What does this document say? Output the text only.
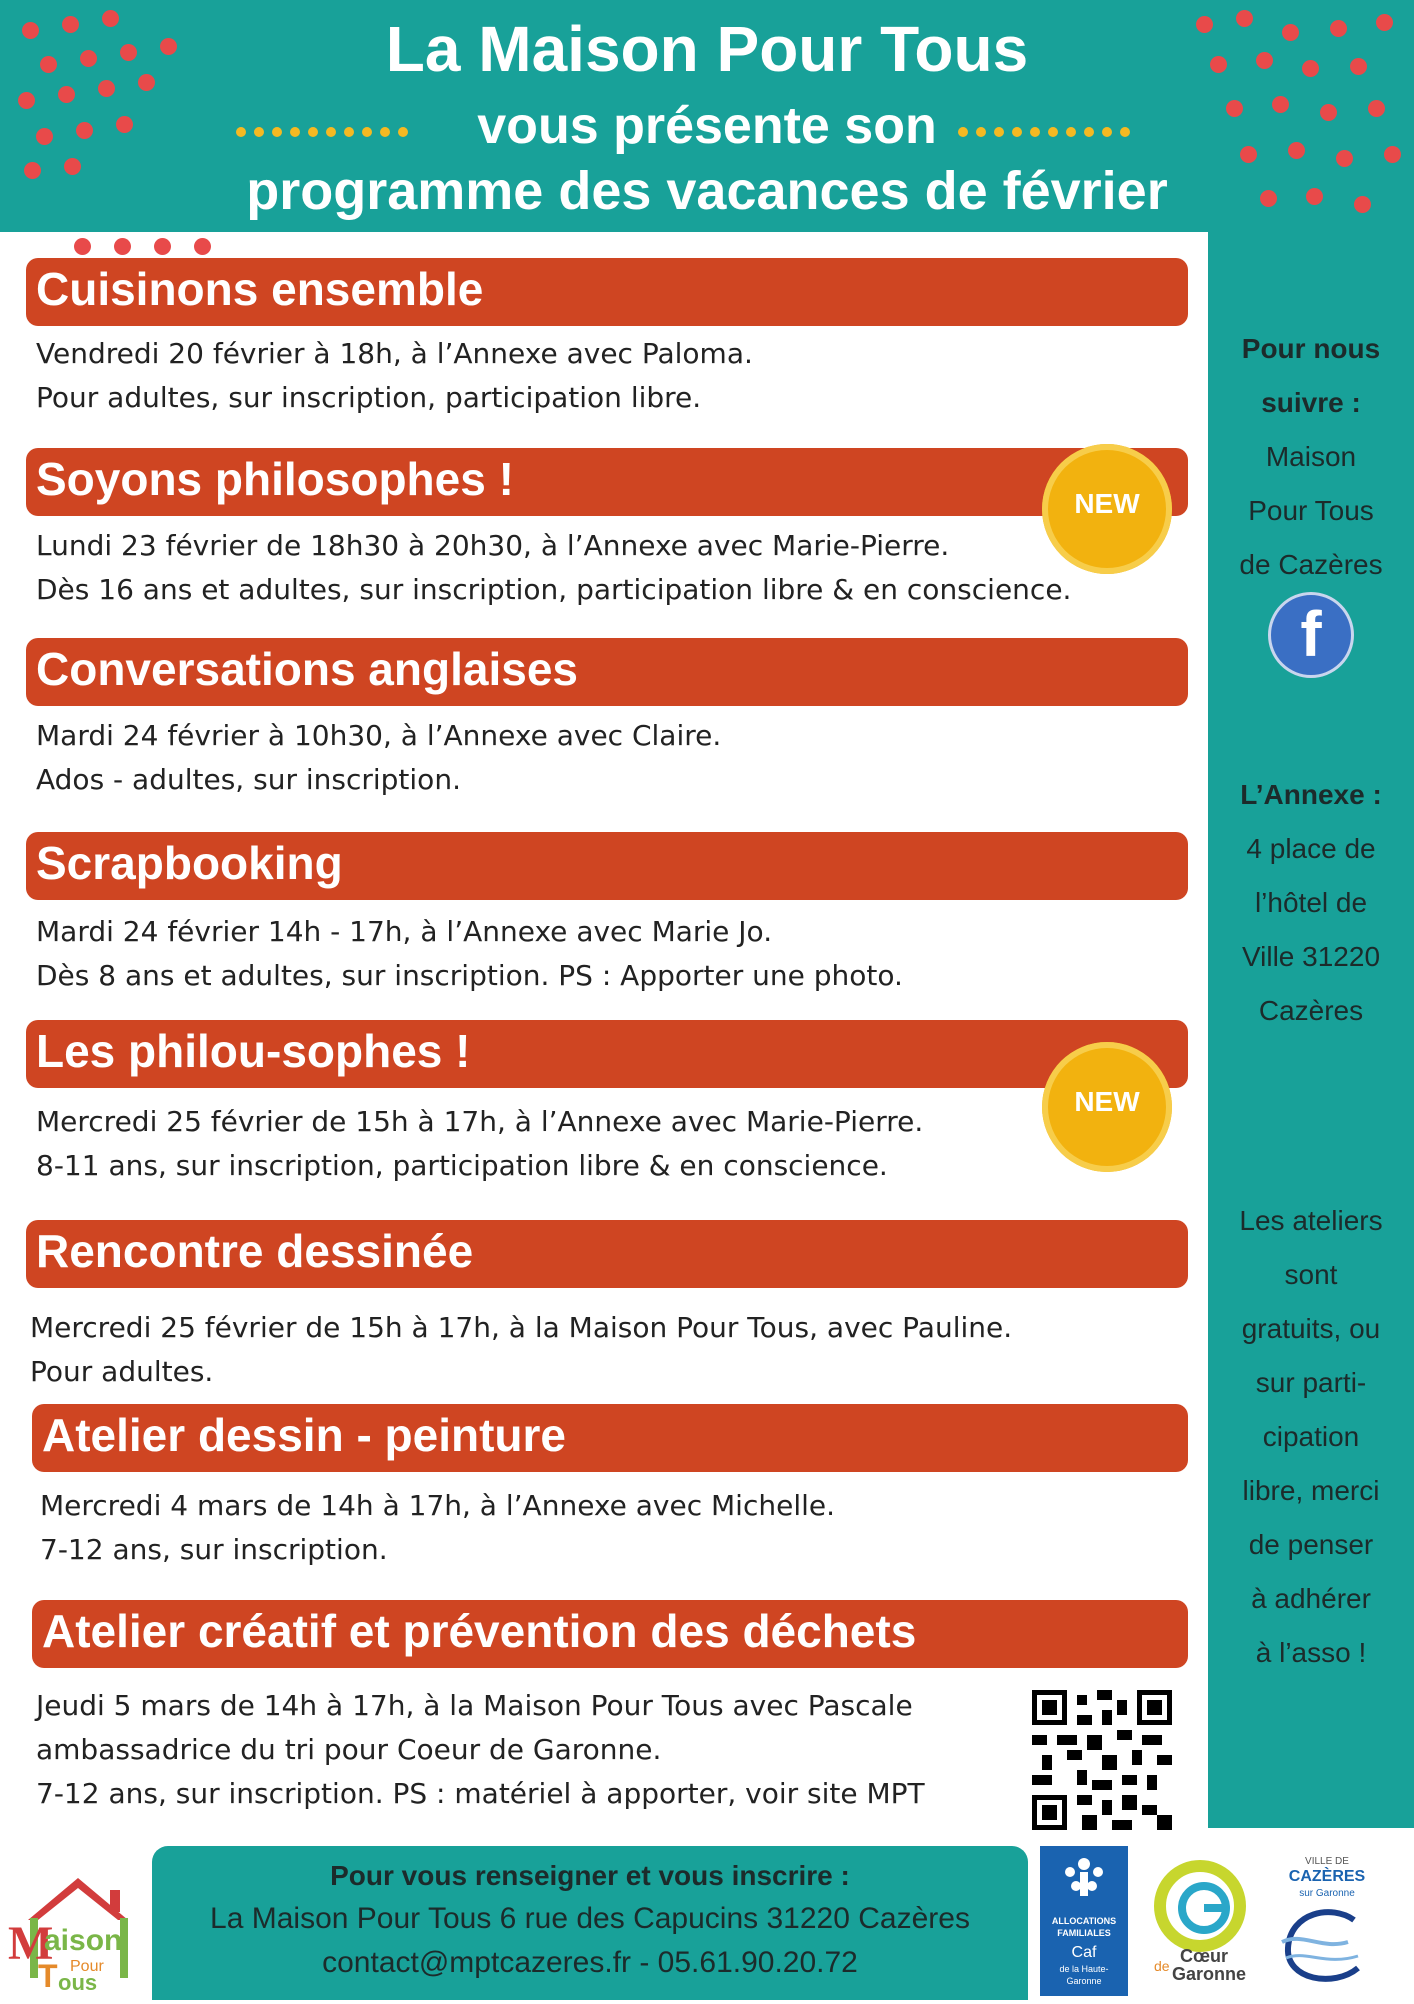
La Maison Pour Tous
vous présente son
programme des vacances de février
Pour nous
suivre :
Maison
Pour Tous
de Cazères
L’Annexe :
4 place de
l’hôtel de
Ville 31220
Cazères
Les ateliers
sont
gratuits, ou
sur parti-
cipation
libre, merci
de penser
à adhérer
à l’asso !
f
Cuisinons ensemble
Vendredi 20 février à 18h, à l’Annexe avec Paloma.
Pour adultes, sur inscription, participation libre.
Soyons philosophes !
Lundi 23 février de 18h30 à 20h30, à l’Annexe avec Marie-Pierre.
Dès 16 ans et adultes, sur inscription, participation libre & en conscience.
NEW
Conversations anglaises
Mardi 24 février à 10h30, à l’Annexe avec Claire.
Ados - adultes, sur inscription.
Scrapbooking
Mardi 24 février 14h - 17h, à l’Annexe avec Marie Jo.
Dès 8 ans et adultes, sur inscription. PS : Apporter une photo.
Les philou-sophes !
Mercredi 25 février de 15h à 17h, à l’Annexe avec Marie-Pierre.
8-11 ans, sur inscription, participation libre & en conscience.
NEW
Rencontre dessinée
Mercredi 25 février de 15h à 17h, à la Maison Pour Tous, avec Pauline.
Pour adultes.
Atelier dessin - peinture
Mercredi 4 mars de 14h à 17h, à l’Annexe avec Michelle.
7-12 ans, sur inscription.
Atelier créatif et prévention des déchets
Jeudi 5 mars de 14h à 17h, à la Maison Pour Tous avec Pascale
ambassadrice du tri pour Coeur de Garonne.
7-12 ans, sur inscription. PS : matériel à apporter, voir site MPT
M
aison
Pour
T ous
Pour vous renseigner et vous inscrire :
La Maison Pour Tous 6 rue des Capucins 31220 Cazères
contact@mptcazeres.fr - 05.61.90.20.72
ALLOCATIONS
FAMILIALES
Caf
de la Haute-
Garonne
de Cœur
Garonne
VILLE DE
CAZÈRES
sur Garonne
